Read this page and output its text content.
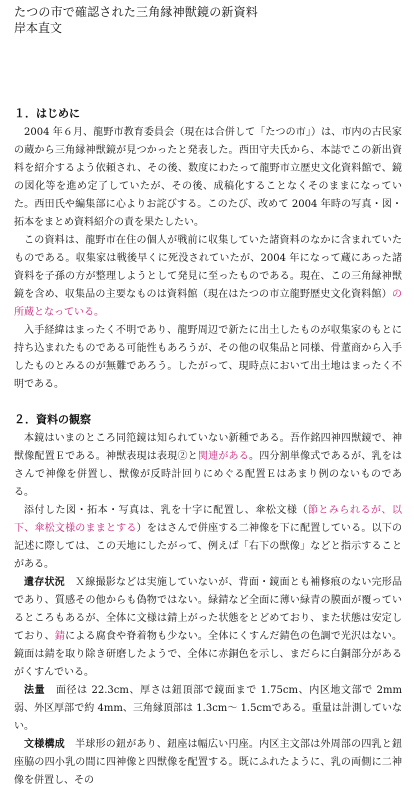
たつの市で確認された三角縁神獣鏡の新資料
岸本直文
１．はじめに

2004 年６月、龍野市教育委員会（現在は合併して「たつの市」）は、市内の古民家の蔵から三角縁神獣鏡が見つかったと発表した。西田守夫氏から、本誌でこの新出資料を紹介するよう依頼され、その後、数度にわたって龍野市立歴史文化資料館で、鏡の図化等を進め定了していたが、その後、成稿化することなくそのままになっていた。西田氏や編集部に心よりお詫びする。このたび、改めて 2004 年時の写真・図・拓本をまとめ資料紹介の責を果たしたい。

この資料は、龍野市在住の個人が戦前に収集していた諸資料のなかに含まれていたものである。収集家は戦後早くに死没されていたが、2004 年になって蔵にあった諸資料を子孫の方が整理しようとして発見に至ったものである。現在、この三角縁神獣鏡を含め、収集品の主要なものは資料館（現在はたつの市立龍野歴史文化資料館）の所蔵となっている。

入手経緯はまったく不明であり、龍野周辺で新たに出土したものが収集家のもとに持ち込まれたものである可能性もあろうが、その他の収集品と同様、骨董商から入手したものとみるのが無難であろう。したがって、現時点において出土地はまったく不明である。

２．資料の観察

本鏡はいまのところ同笵鏡は知られていない新種である。吾作銘四神四獣鏡で、神獣像配置Ｅである。神獣表現は表現②と関連がある。四分割単像式であるが、乳をはさんで神像を併置し、獣像が反時計回りにめぐる配置Ｅはあまり例のないものである。

添付した図・拓本・写真は、乳を十字に配置し、傘松文様（節とみられるが、以下、傘松文様のままとする）をはさんで併座する二神像を下に配置している。以下の記述に際しては、この天地にしたがって、例えば「右下の獣像」などと指示することがある。

遺存状況　 Ｘ線撮影などは実施していないが、背面・鏡面とも補修痕のない完形品であり、質感その他からも偽物ではない。緑錆など全面に薄い緑青の膜面が覆っているところもあるが、全体に文様は錆上がった状態をとどめており、また状態は安定しており、錆による腐食や脊着物も少ない。全体にくすんだ錆色の色調で光沢はない。鏡面は錆を取り除き研磨したようで、全体に赤銅色を示し、まだらに白銅部分があるがくすんでいる。

法量　 面径は 22.3cm、厚さは鈕頂部で鏡面まで 1.75cm、内区地文部で 2mm弱、外区厚部で約 4mm、三角縁頂部は 1.3cm～ 1.5cmである。重量は計測していない。

文様構成　 半球形の鈕があり、鈕座は幅広い円座。内区主文部は外周部の四乳と鈕座脇の四小乳の間に四神像と四獣像を配置する。既にふれたように、乳の両側に二神像を併置し、その
